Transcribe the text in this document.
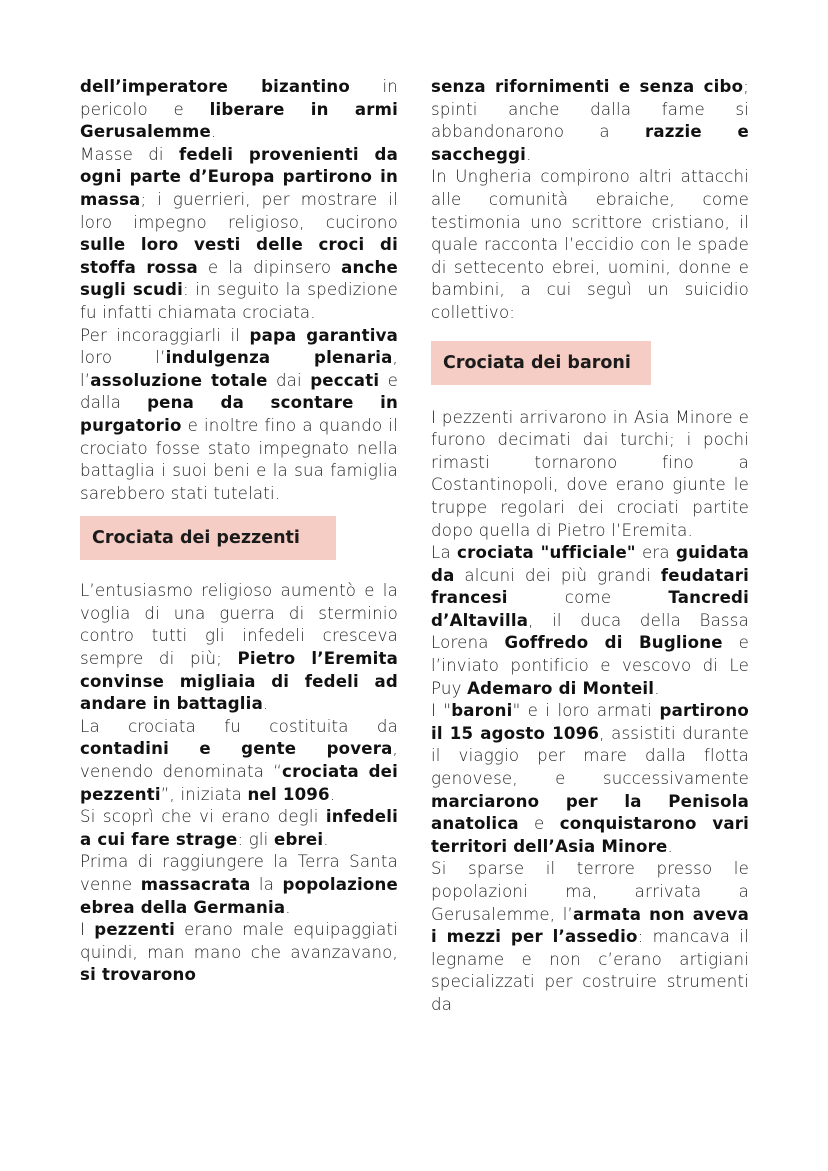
dell’imperatore bizantino in pericolo e liberare in armi Gerusalemme.

Masse di fedeli provenienti da ogni parte d’Europa partirono in massa; i guerrieri, per mostrare il loro impegno religioso, cucirono sulle loro vesti delle croci di stoffa rossa e la dipinsero anche sugli scudi: in seguito la spedizione fu infatti chiamata crociata.

Per incoraggiarli il papa garantiva loro l’indulgenza plenaria, l’assoluzione totale dai peccati e dalla pena da scontare in purgatorio e inoltre fino a quando il crociato fosse stato impegnato nella battaglia i suoi beni e la sua famiglia sarebbero stati tutelati.

Crociata dei pezzenti

L’entusiasmo religioso aumentò e la voglia di una guerra di sterminio contro tutti gli infedeli cresceva sempre di più; Pietro l’Eremita convinse migliaia di fedeli ad andare in battaglia.

La crociata fu costituita da contadini e gente povera, venendo denominata “crociata dei pezzenti”, iniziata nel 1096.

Si scoprì che vi erano degli infedeli a cui fare strage: gli ebrei.

Prima di raggiungere la Terra Santa venne massacrata la popolazione ebrea della Germania.

I pezzenti erano male equipaggiati quindi, man mano che avanzavano, si trovarono

senza rifornimenti e senza cibo; spinti anche dalla fame si abbandonarono a razzie e saccheggi.

In Ungheria compirono altri attacchi alle comunità ebraiche, come testimonia uno scrittore cristiano, il quale racconta l’eccidio con le spade di settecento ebrei, uomini, donne e bambini, a cui seguì un suicidio collettivo:

Crociata dei baroni

I pezzenti arrivarono in Asia Minore e furono decimati dai turchi; i pochi rimasti tornarono fino a Costantinopoli, dove erano giunte le truppe regolari dei crociati partite dopo quella di Pietro l’Eremita.

La crociata "ufficiale" era guidata da alcuni dei più grandi feudatari francesi come Tancredi d’Altavilla, il duca della Bassa Lorena Goffredo di Buglione e l’inviato pontificio e vescovo di Le Puy Ademaro di Monteil.

I "baroni" e i loro armati partirono il 15 agosto 1096, assistiti durante il viaggio per mare dalla flotta genovese, e successivamente marciarono per la Penisola anatolica e conquistarono vari territori dell’Asia Minore.

Si sparse il terrore presso le popolazioni ma, arrivata a Gerusalemme, l’armata non aveva i mezzi per l’assedio: mancava il legname e non c’erano artigiani specializzati per costruire strumenti da
